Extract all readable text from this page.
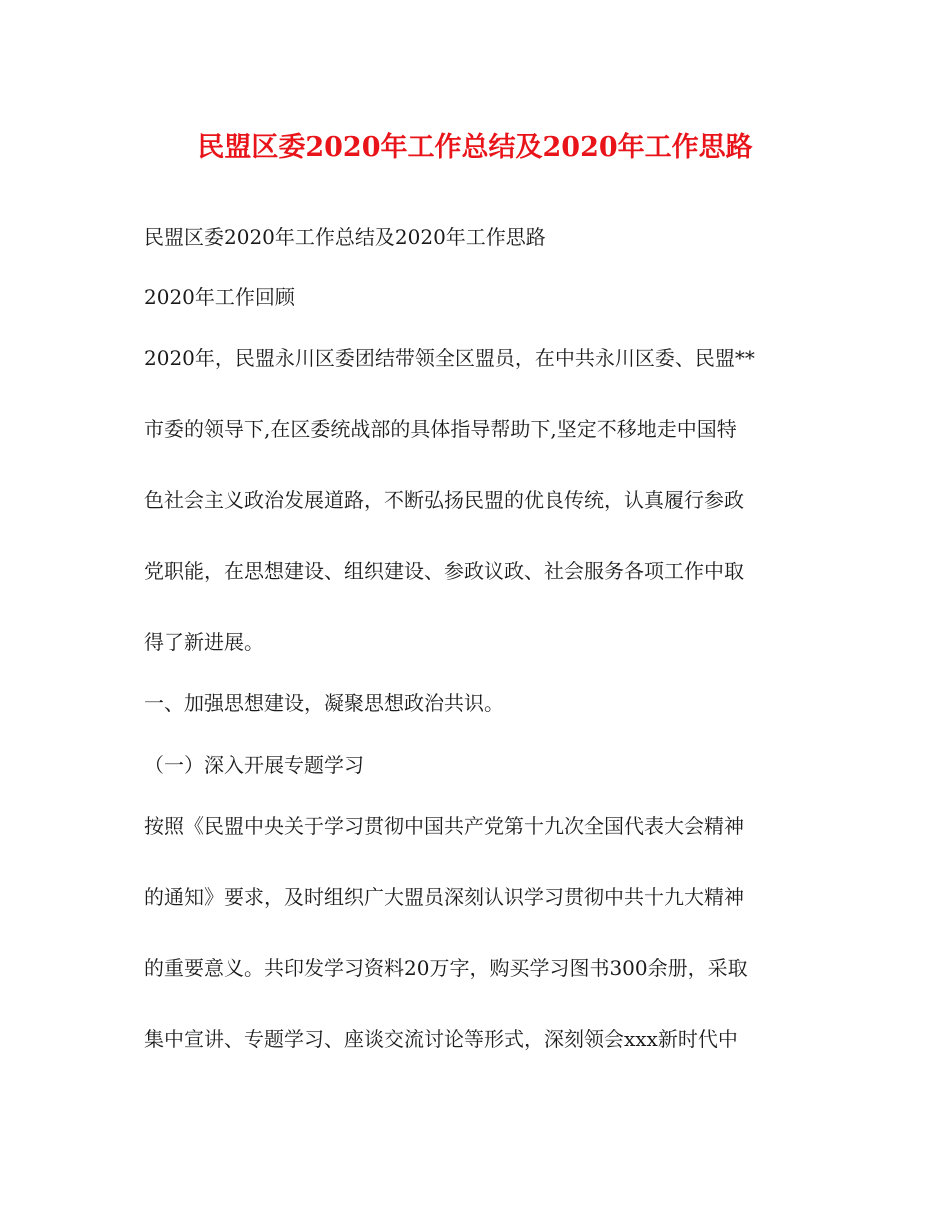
民盟区委2020年工作总结及2020年工作思路
民盟区委2020年工作总结及2020年工作思路
2020年工作回顾
2020年，民盟永川区委团结带领全区盟员，在中共永川区委、民盟**
市委的领导下,在区委统战部的具体指导帮助下,坚定不移地走中国特
色社会主义政治发展道路，不断弘扬民盟的优良传统，认真履行参政
党职能，在思想建设、组织建设、参政议政、社会服务各项工作中取
得了新进展。
一、加强思想建设，凝聚思想政治共识。
（一）深入开展专题学习
按照《民盟中央关于学习贯彻中国共产党第十九次全国代表大会精神
的通知》要求，及时组织广大盟员深刻认识学习贯彻中共十九大精神
的重要意义。共印发学习资料20万字，购买学习图书300余册，采取
集中宣讲、专题学习、座谈交流讨论等形式，深刻领会xxx新时代中
